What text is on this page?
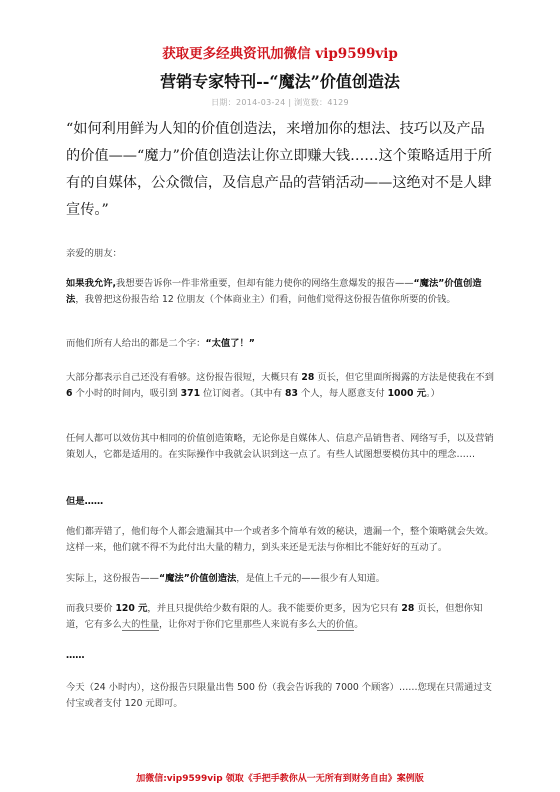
获取更多经典资讯加微信 vip9599vip
营销专家特刊--“魔法”价值创造法
日期：2014-03-24 | 浏览数：4129

“如何利用鲜为人知的价值创造法，来增加你的想法、技巧以及产品的价值——“魔力”价值创造法让你立即赚大钱……这个策略适用于所有的自媒体，公众微信，及信息产品的营销活动——这绝对不是人肆宣传。”

亲爱的朋友：

如果我允许,我想要告诉你一件非常重要，但却有能力使你的网络生意爆发的报告——“魔法”价值创造法，我曾把这份报告给 12 位朋友（个体商业主）们看，问他们觉得这份报告值你所要的价钱。

而他们所有人给出的都是二个字：“太值了！”

大部分都表示自己还没有看够。这份报告很短，大概只有 28 页长，但它里面所揭露的方法是使我在不到 6 个小时的时间内，吸引到 371 位订阅者。（其中有 83 个人，每人愿意支付 1000 元。）

任何人都可以效仿其中相同的价值创造策略，无论你是自媒体人、信息产品销售者、网络写手，以及营销策划人，它都是适用的。在实际操作中我就会认识到这一点了。有些人试图想要模仿其中的理念……

但是……

他们都弄错了，他们每个人都会遗漏其中一个或者多个简单有效的秘诀，遗漏一个，整个策略就会失效。这样一来，他们就不得不为此付出大量的精力，到头来还是无法与你相比不能好好的互动了。

实际上，这份报告——“魔法”价值创造法，是值上千元的——很少有人知道。

而我只要价 120 元，并且只提供给少数有限的人。我不能要价更多，因为它只有 28 页长，但想你知道，它有多么大的性量，让你对于你们它里那些人来说有多么大的价值。

……

今天（24 小时内），这份报告只限量出售 500 份（我会告诉我的 7000 个顾客）……您现在只需通过支付宝或者支付 120 元即可。

加微信:vip9599vip 领取《手把手教你从一无所有到财务自由》案例版
